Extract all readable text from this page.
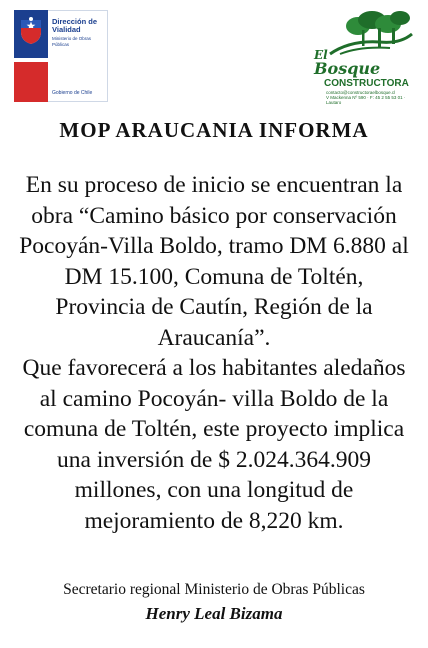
Dirección de Vialidad
Ministerio de Obras Públicas
Gobierno de Chile
El
Bosque
CONSTRUCTORA
contacto@constructoraelbosque.cl
V Mackenna Nº 590 · F: 45 2 55 53 01 · Lautaro
MOP ARAUCANIA INFORMA

En su proceso de inicio se encuentran la

obra “Camino básico por conservación

Pocoyán-Villa Boldo, tramo DM 6.880 al

DM 15.100, Comuna de Toltén,

Provincia de Cautín, Región de la

Araucanía”.

Que favorecerá a los habitantes aledaños

al camino Pocoyán- villa Boldo de la

comuna de Toltén, este proyecto implica

una inversión de $ 2.024.364.909

millones, con una longitud de

mejoramiento de 8,220 km.

Secretario regional Ministerio de Obras Públicas
Henry Leal Bizama
